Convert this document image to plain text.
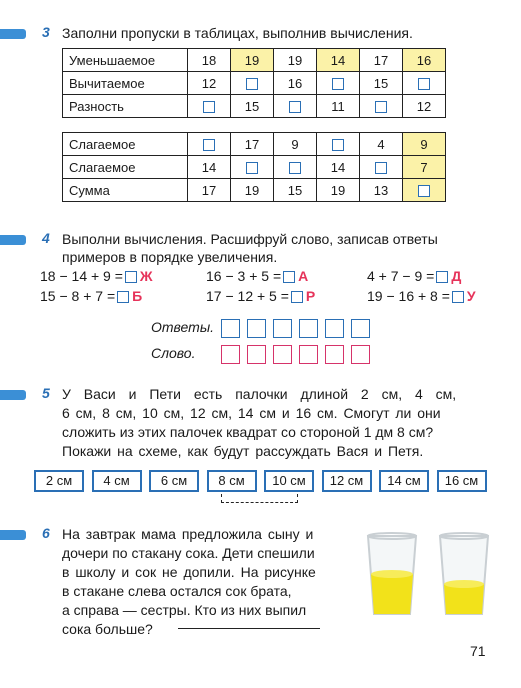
3 Заполни пропуски в таблицах, выполнив вычисления.
Уменьшаемое	18	19	19	14	17	16
Вычитаемое	12		16		15	
Разность		15		11		12
Слагаемое		17	9		4	9
Слагаемое	14			14		7
Сумма	17	19	15	19	13	
4 Выполни вычисления. Расшифруй слово, записав ответы
примеров в порядке увеличения.
18 − 14 + 9 = Ж	16 − 3 + 5 = А	4 + 7 − 9 = Д
15 − 8 + 7 = Б	17 − 12 + 5 = Р	19 − 16 + 8 = У
Ответы.
Слово.
5 У Васи и Пети есть палочки длиной 2 см, 4 см,
6 см, 8 см, 10 см, 12 см, 14 см и 16 см. Смогут ли они
сложить из этих палочек квадрат со стороной 1 дм 8 см?
Покажи на схеме, как будут рассуждать Вася и Петя.
2 см	4 см	6 см	8 см	10 см	12 см	14 см	16 см
6 На завтрак мама предложила сыну и
дочери по стакану сока. Дети спешили
в школу и сок не допили. На рисунке
в стакане слева остался сок брата,
а справа — сестры. Кто из них выпил
сока больше?
71
